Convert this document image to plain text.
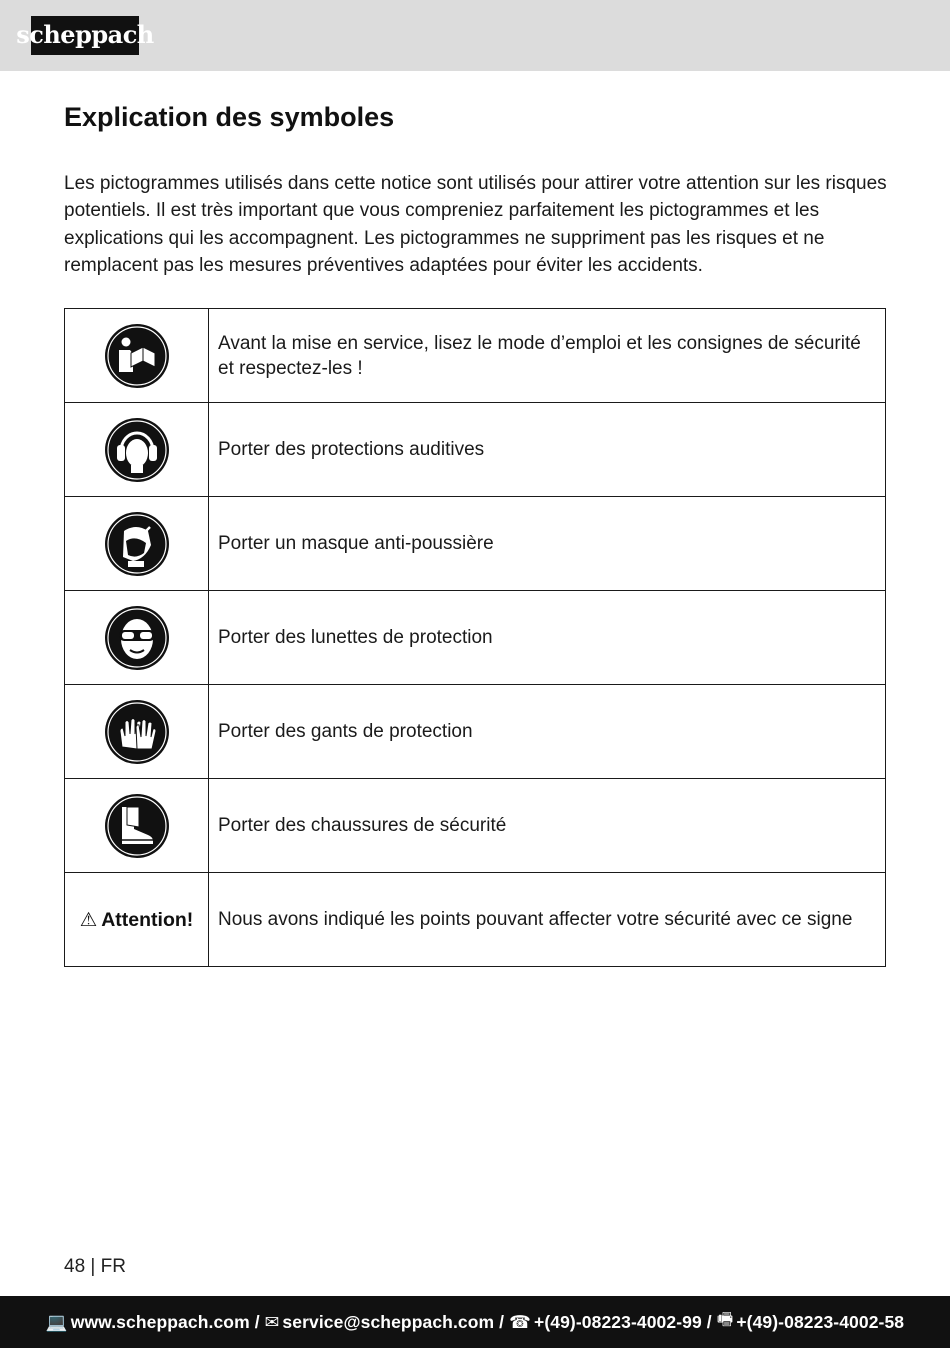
scheppach
Explication des symboles

Les pictogrammes utilisés dans cette notice sont utilisés pour attirer votre attention sur les risques potentiels. Il est très important que vous compreniez parfaitement les pictogrammes et les explications qui les accompagnent. Les pictogrammes ne suppriment pas les risques et ne remplacent pas les mesures préventives adaptées pour éviter les accidents.

	Avant la mise en service, lisez le mode d’emploi et les consignes de sécurité et respectez-les !

	Porter des protections auditives

	Porter un masque anti-poussière

	Porter des lunettes de protection

	Porter des gants de protection

	Porter des chaussures de sécurité
⚠ Attention!	Nous avons indiqué les points pouvant affecter votre sécurité avec ce signe
48 | FR
💻 www.scheppach.com
/
✉ service@scheppach.com
/
☎ +(49)-08223-4002-99
/
🖷 +(49)-08223-4002-58
